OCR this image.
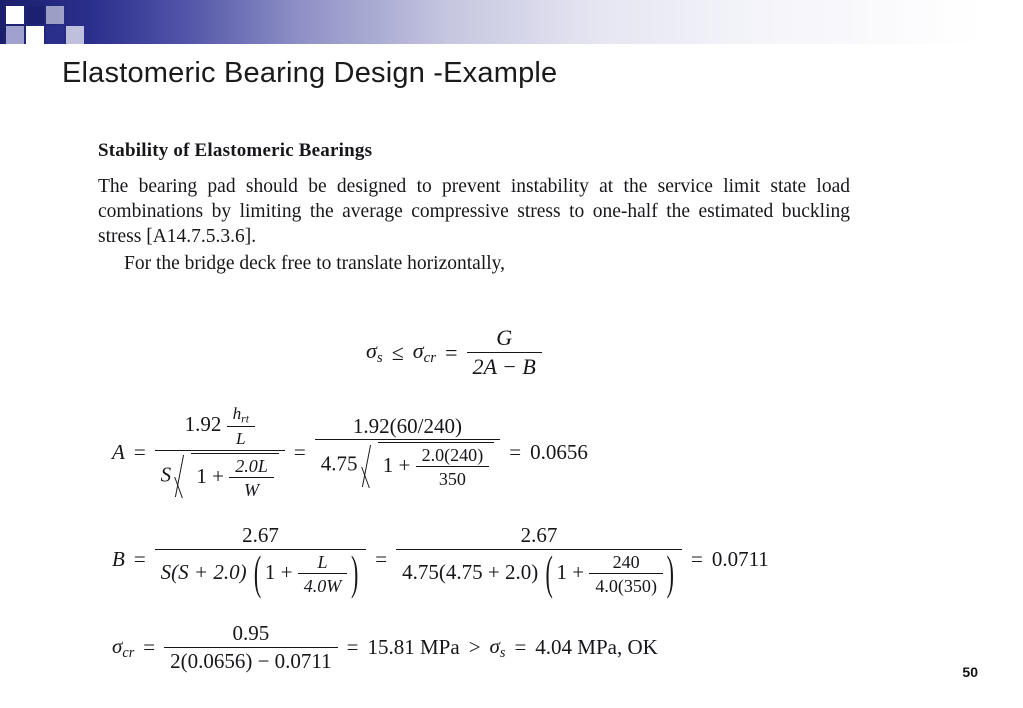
Elastomeric Bearing Design -Example
Stability of Elastomeric Bearings
The bearing pad should be designed to prevent instability at the service limit state load combinations by limiting the average compressive stress to one-half the estimated buckling stress [A14.7.5.3.6].
For the bridge deck free to translate horizontally,
$\sigma_s \le \sigma_{cr} = \frac{G}{2A - B}$
A =
$1.92 \frac{h_{rt}}{L}$
S $1 + \frac{2.0L}{W}$
=
1.92(60/240)
4.75 $1 + \frac{2.0(240)}{350} = 0.0656$
B =
2.67
S(S + 2.0) ( $1 + \frac{L}{4.0W}$
) =
2.67
4.75(4.75 + 2.0) ( $1 + \frac{240}{4.0(350)}$
) = 0.0711
$\sigma_{cr} = \frac{0.95}{2(0.0656) - 0.0711} = 15.81$ MPa > $\sigma_s = 4.04$ MPa, OK
50
